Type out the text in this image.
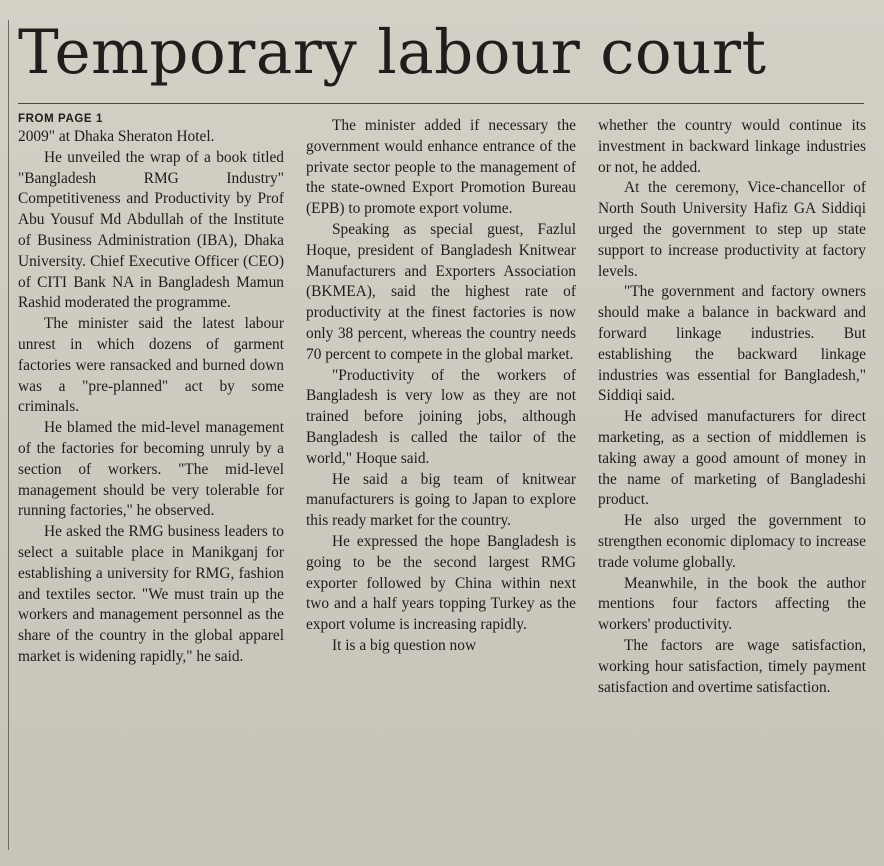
Temporary labour court
FROM PAGE 1

2009" at Dhaka Sheraton Hotel.

He unveiled the wrap of a book titled "Bangladesh RMG Industry" Competitiveness and Productivity by Prof Abu Yousuf Md Abdullah of the Institute of Business Administration (IBA), Dhaka University. Chief Executive Officer (CEO) of CITI Bank NA in Bangladesh Mamun Rashid moderated the programme.

The minister said the latest labour unrest in which dozens of garment factories were ransacked and burned down was a "pre-planned" act by some criminals.

He blamed the mid-level management of the factories for becoming unruly by a section of workers. "The mid-level management should be very tolerable for running factories," he observed.

He asked the RMG business leaders to select a suitable place in Manikganj for establishing a university for RMG, fashion and textiles sector. "We must train up the workers and management personnel as the share of the country in the global apparel market is widening rapidly," he said.

The minister added if necessary the government would enhance entrance of the private sector people to the management of the state-owned Export Promotion Bureau (EPB) to promote export volume.

Speaking as special guest, Fazlul Hoque, president of Bangladesh Knitwear Manufacturers and Exporters Association (BKMEA), said the highest rate of productivity at the finest factories is now only 38 percent, whereas the country needs 70 percent to compete in the global market.

"Productivity of the workers of Bangladesh is very low as they are not trained before joining jobs, although Bangladesh is called the tailor of the world," Hoque said.

He said a big team of knitwear manufacturers is going to Japan to explore this ready market for the country.

He expressed the hope Bangladesh is going to be the second largest RMG exporter followed by China within next two and a half years topping Turkey as the export volume is increasing rapidly.

It is a big question now

whether the country would continue its investment in backward linkage industries or not, he added.

At the ceremony, Vice-chancellor of North South University Hafiz GA Siddiqi urged the government to step up state support to increase productivity at factory levels.

"The government and factory owners should make a balance in backward and forward linkage industries. But establishing the backward linkage industries was essential for Bangladesh," Siddiqi said.

He advised manufacturers for direct marketing, as a section of middlemen is taking away a good amount of money in the name of marketing of Bangladeshi product.

He also urged the government to strengthen economic diplomacy to increase trade volume globally.

Meanwhile, in the book the author mentions four factors affecting the workers' productivity.

The factors are wage satisfaction, working hour satisfaction, timely payment satisfaction and overtime satisfaction.
